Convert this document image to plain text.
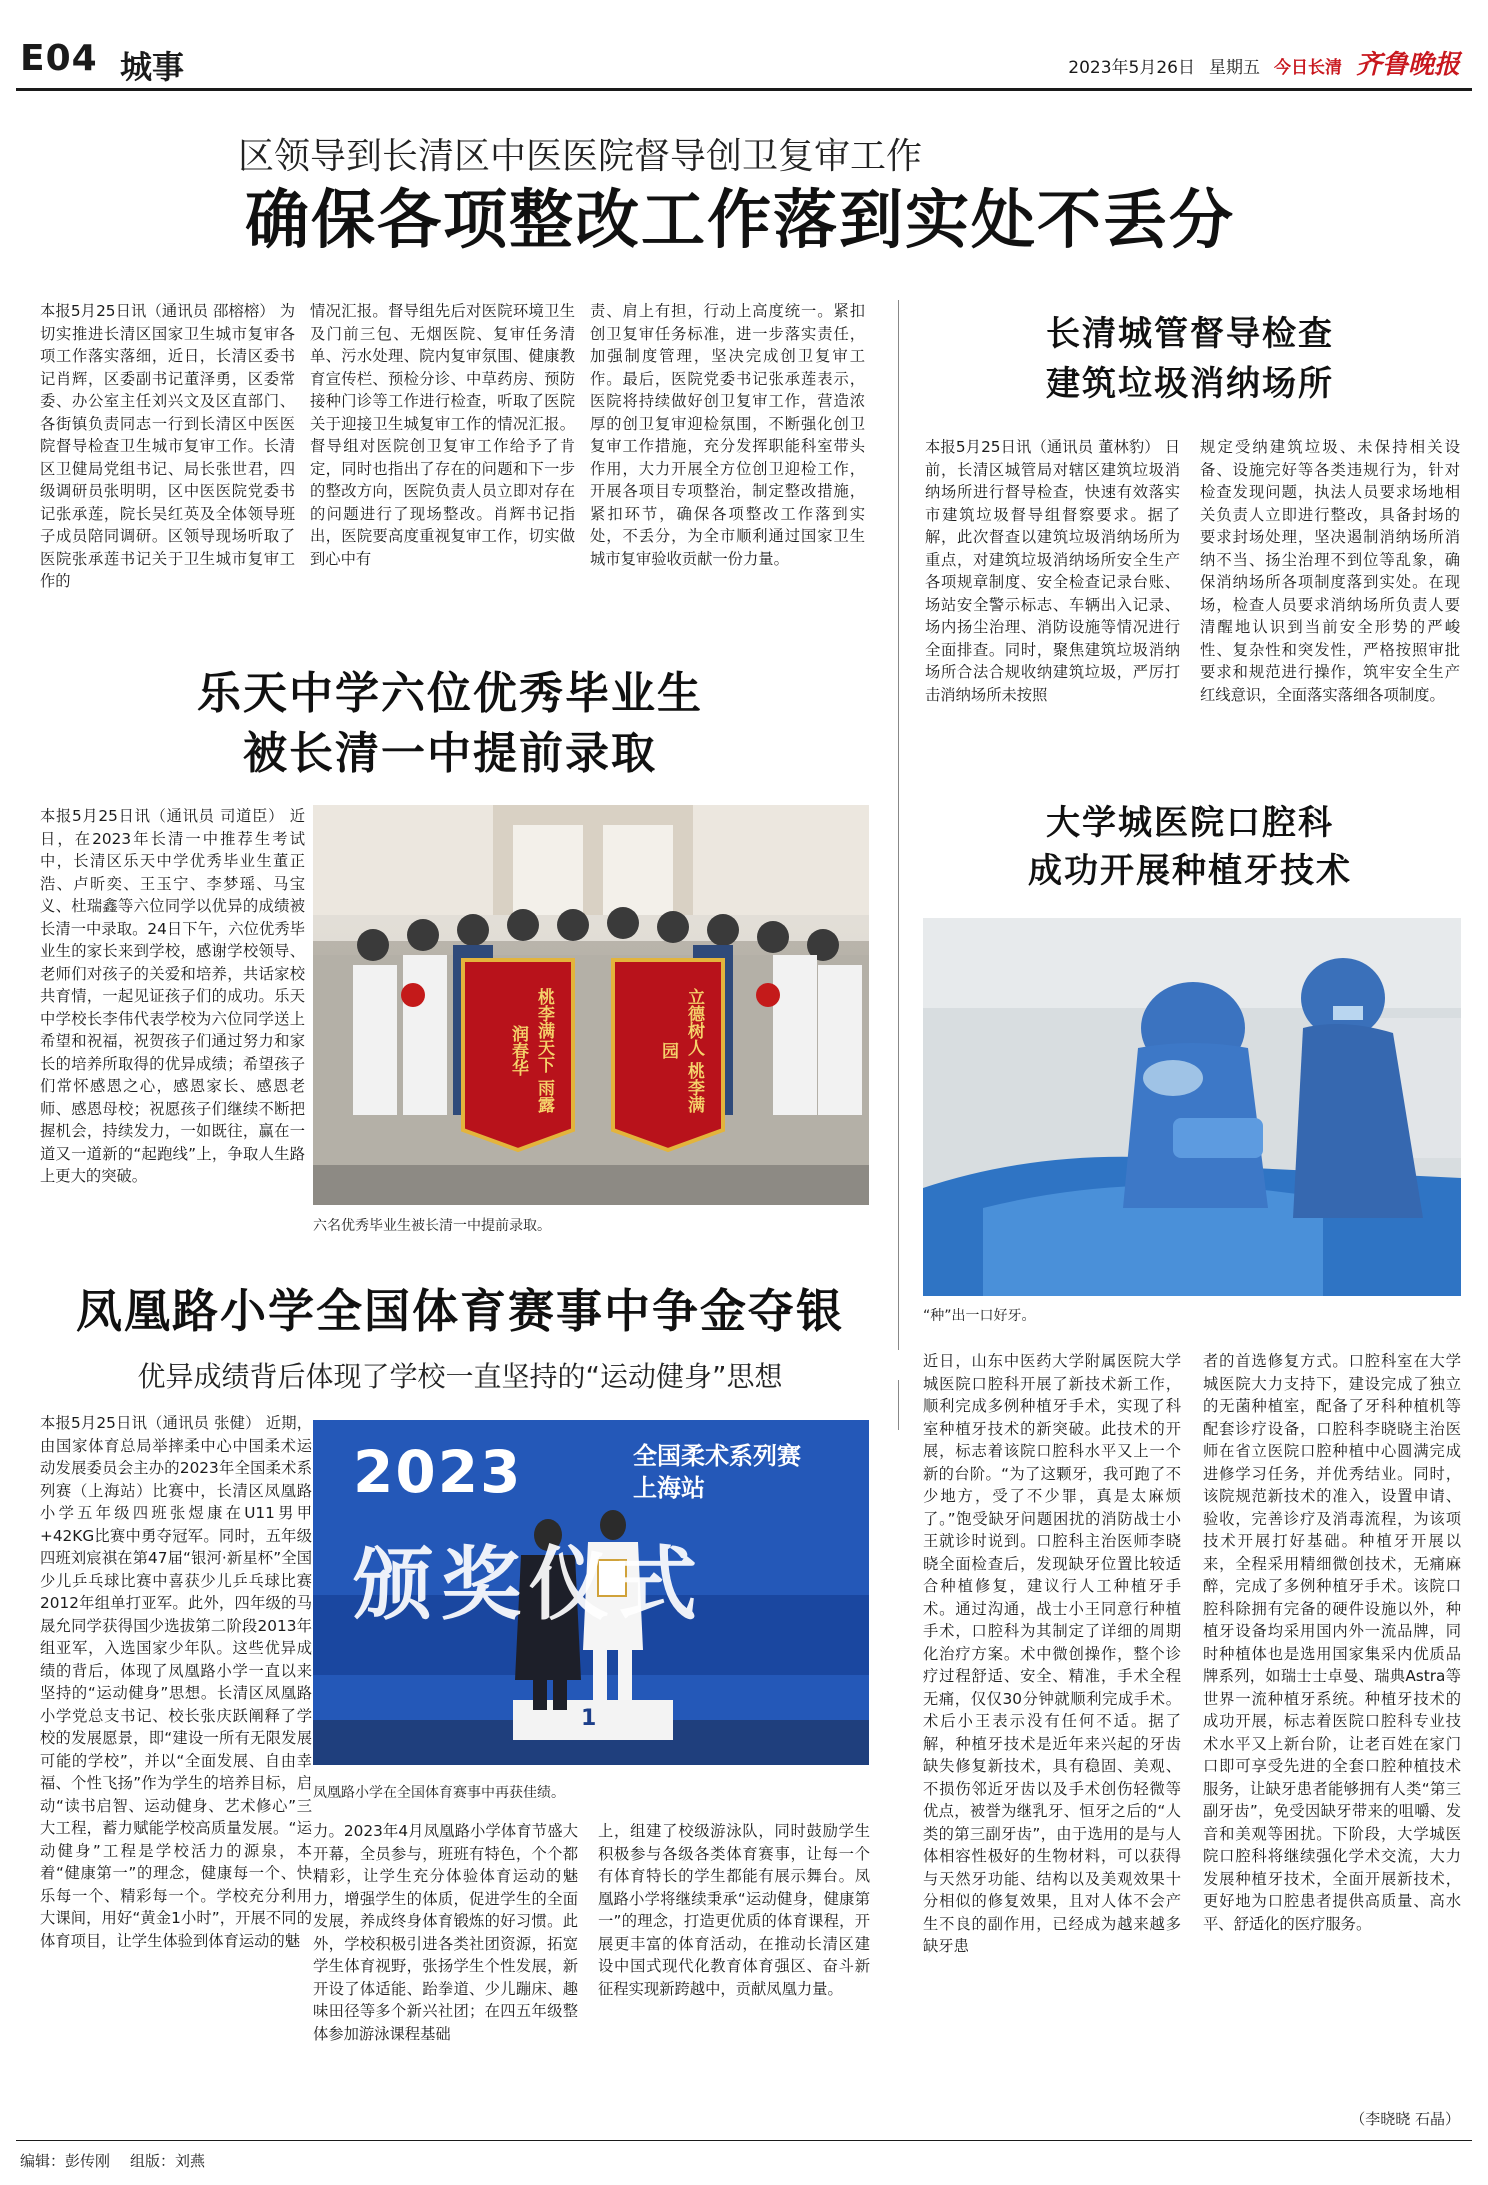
E04 城事	2023年5月26日 星期五 今日长清 齐鲁晚报
区领导到长清区中医医院督导创卫复审工作
确保各项整改工作落到实处不丢分
本报5月25日讯（通讯员 邵榕榕） 为切实推进长清区国家卫生城市复审各项工作落实落细，近日，长清区委书记肖辉，区委副书记董泽勇，区委常委、办公室主任刘兴文及区直部门、各街镇负责同志一行到长清区中医医院督导检查卫生城市复审工作。长清区卫健局党组书记、局长张世君，四级调研员张明明，区中医医院党委书记张承莲，院长吴红英及全体领导班子成员陪同调研。区领导现场听取了医院张承莲书记关于卫生城市复审工作的
情况汇报。督导组先后对医院环境卫生及门前三包、无烟医院、复审任务清单、污水处理、院内复审氛围、健康教育宣传栏、预检分诊、中草药房、预防接种门诊等工作进行检查，听取了医院关于迎接卫生城复审工作的情况汇报。督导组对医院创卫复审工作给予了肯定，同时也指出了存在的问题和下一步的整改方向，医院负责人员立即对存在的问题进行了现场整改。肖辉书记指出，医院要高度重视复审工作，切实做到心中有
责、肩上有担，行动上高度统一。紧扣创卫复审任务标准，进一步落实责任，加强制度管理，坚决完成创卫复审工作。最后，医院党委书记张承莲表示，医院将持续做好创卫复审工作，营造浓厚的创卫复审迎检氛围，不断强化创卫复审工作措施，充分发挥职能科室带头作用，大力开展全方位创卫迎检工作，开展各项目专项整治，制定整改措施，紧扣环节，确保各项整改工作落到实处，不丢分，为全市顺利通过国家卫生城市复审验收贡献一份力量。
长清城管督导检查
建筑垃圾消纳场所
本报5月25日讯（通讯员 董林豹） 日前，长清区城管局对辖区建筑垃圾消纳场所进行督导检查，快速有效落实市建筑垃圾督导组督察要求。据了解，此次督查以建筑垃圾消纳场所为重点，对建筑垃圾消纳场所安全生产各项规章制度、安全检查记录台账、场站安全警示标志、车辆出入记录、场内扬尘治理、消防设施等情况进行全面排查。同时，聚焦建筑垃圾消纳场所合法合规收纳建筑垃圾，严厉打击消纳场所未按照
规定受纳建筑垃圾、未保持相关设备、设施完好等各类违规行为，针对检查发现问题，执法人员要求场地相关负责人立即进行整改，具备封场的要求封场处理，坚决遏制消纳场所消纳不当、扬尘治理不到位等乱象，确保消纳场所各项制度落到实处。在现场，检查人员要求消纳场所负责人要清醒地认识到当前安全形势的严峻性、复杂性和突发性，严格按照审批要求和规范进行操作，筑牢安全生产红线意识，全面落实落细各项制度。
乐天中学六位优秀毕业生
被长清一中提前录取
本报5月25日讯（通讯员 司道臣） 近日，在2023年长清一中推荐生考试中，长清区乐天中学优秀毕业生董正浩、卢昕奕、王玉宁、李梦瑶、马宝义、杜瑞鑫等六位同学以优异的成绩被长清一中录取。24日下午，六位优秀毕业生的家长来到学校，感谢学校领导、老师们对孩子的关爱和培养，共话家校共育情，一起见证孩子们的成功。乐天中学校长李伟代表学校为六位同学送上希望和祝福，祝贺孩子们通过努力和家长的培养所取得的优异成绩；希望孩子们常怀感恩之心，感恩家长、感恩老师、感恩母校；祝愿孩子们继续不断把握机会，持续发力，一如既往，赢在一道又一道新的“起跑线”上，争取人生路上更大的突破。
桃李满天下 雨露润春华	立德树人 桃李满园
六名优秀毕业生被长清一中提前录取。
大学城医院口腔科
成功开展种植牙技术
“种”出一口好牙。
近日，山东中医药大学附属医院大学城医院口腔科开展了新技术新工作，顺利完成多例种植牙手术，实现了科室种植牙技术的新突破。此技术的开展，标志着该院口腔科水平又上一个新的台阶。“为了这颗牙，我可跑了不少地方，受了不少罪，真是太麻烦了。”饱受缺牙问题困扰的消防战士小王就诊时说到。口腔科主治医师李晓晓全面检查后，发现缺牙位置比较适合种植修复，建议行人工种植牙手术。通过沟通，战士小王同意行种植手术，口腔科为其制定了详细的周期化治疗方案。术中微创操作，整个诊疗过程舒适、安全、精准，手术全程无痛，仅仅30分钟就顺利完成手术。术后小王表示没有任何不适。据了解，种植牙技术是近年来兴起的牙齿缺失修复新技术，具有稳固、美观、不损伤邻近牙齿以及手术创伤轻微等优点，被誉为继乳牙、恒牙之后的“人类的第三副牙齿”，由于选用的是与人体相容性极好的生物材料，可以获得与天然牙功能、结构以及美观效果十分相似的修复效果，且对人体不会产生不良的副作用，已经成为越来越多缺牙患
者的首选修复方式。口腔科室在大学城医院大力支持下，建设完成了独立的无菌种植室，配备了牙科种植机等配套诊疗设备，口腔科李晓晓主治医师在省立医院口腔种植中心圆满完成进修学习任务，并优秀结业。同时，该院规范新技术的准入，设置申请、验收，完善诊疗及消毒流程，为该项技术开展打好基础。种植牙开展以来，全程采用精细微创技术，无痛麻醉，完成了多例种植牙手术。该院口腔科除拥有完备的硬件设施以外，种植牙设备均采用国内外一流品牌，同时种植体也是选用国家集采内优质品牌系列，如瑞士士卓曼、瑞典Astra等世界一流种植牙系统。种植牙技术的成功开展，标志着医院口腔科专业技术水平又上新台阶，让老百姓在家门口即可享受先进的全套口腔种植技术服务，让缺牙患者能够拥有人类“第三副牙齿”，免受因缺牙带来的咀嚼、发音和美观等困扰。下阶段，大学城医院口腔科将继续强化学术交流，大力发展种植牙技术，全面开展新技术，更好地为口腔患者提供高质量、高水平、舒适化的医疗服务。
（李晓晓 石晶）
凤凰路小学全国体育赛事中争金夺银
优异成绩背后体现了学校一直坚持的“运动健身”思想
本报5月25日讯（通讯员 张健） 近期，由国家体育总局举摔柔中心中国柔术运动发展委员会主办的2023年全国柔术系列赛（上海站）比赛中，长清区凤凰路小学五年级四班张煜康在U11男甲+42KG比赛中勇夺冠军。同时，五年级四班刘宸祺在第47届“银河·新星杯”全国少儿乒乓球比赛中喜获少儿乒乓球比赛2012年组单打亚军。此外，四年级的马晟允同学获得国少选拔第二阶段2013年组亚军，入选国家少年队。这些优异成绩的背后，体现了凤凰路小学一直以来坚持的“运动健身”思想。长清区凤凰路小学党总支书记、校长张庆跃阐释了学校的发展愿景，即“建设一所有无限发展可能的学校”，并以“全面发展、自由幸福、个性飞扬”作为学生的培养目标，启动“读书启智、运动健身、艺术修心”三大工程，蓄力赋能学校高质量发展。“运动健身”工程是学校活力的源泉，本着“健康第一”的理念，健康每一个、快乐每一个、精彩每一个。学校充分利用大课间，用好“黄金1小时”，开展不同的体育项目，让学生体验到体育运动的魅
2023	全国柔术系列赛
上海站
颁奖仪式
1
凤凰路小学在全国体育赛事中再获佳绩。
力。2023年4月凤凰路小学体育节盛大开幕，全员参与，班班有特色，个个都精彩，让学生充分体验体育运动的魅力，增强学生的体质，促进学生的全面发展，养成终身体育锻炼的好习惯。此外，学校积极引进各类社团资源，拓宽学生体育视野，张扬学生个性发展，新开设了体适能、跆拳道、少儿蹦床、趣味田径等多个新兴社团；在四五年级整体参加游泳课程基础
上，组建了校级游泳队，同时鼓励学生积极参与各级各类体育赛事，让每一个有体育特长的学生都能有展示舞台。凤凰路小学将继续秉承“运动健身，健康第一”的理念，打造更优质的体育课程，开展更丰富的体育活动，在推动长清区建设中国式现代化教育体育强区、奋斗新征程实现新跨越中，贡献凤凰力量。
编辑：彭传刚 组版：刘燕
